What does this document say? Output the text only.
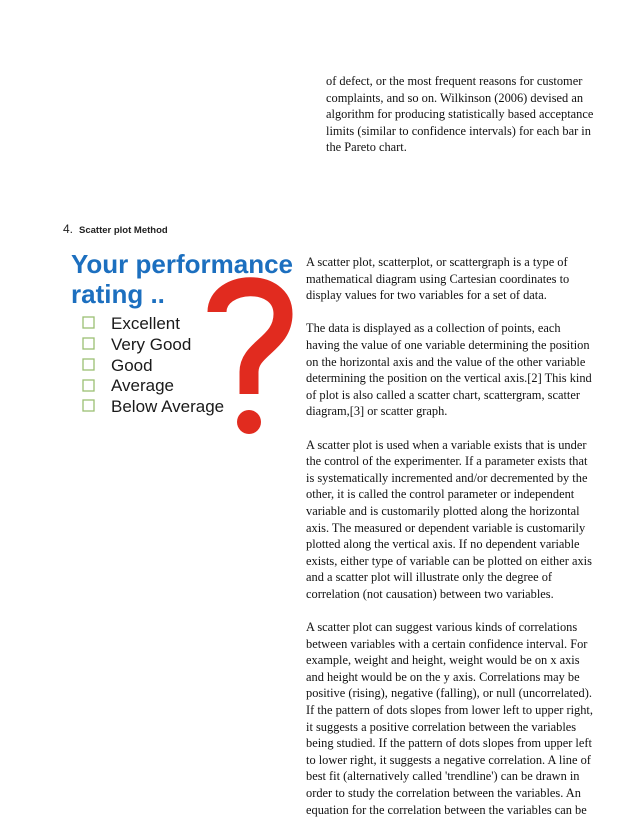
of defect, or the most frequent reasons for customer
complaints, and so on. Wilkinson (2006) devised an
algorithm for producing statistically based acceptance
limits (similar to confidence intervals) for each bar in
the Pareto chart.
4. Scatter plot Method
Your performance
rating ..
Excellent
Very Good
Good
Average
Below Average

A scatter plot, scatterplot, or scattergraph is a type of
mathematical diagram using Cartesian coordinates to
display values for two variables for a set of data.

The data is displayed as a collection of points, each
having the value of one variable determining the position
on the horizontal axis and the value of the other variable
determining the position on the vertical axis.[2] This kind
of plot is also called a scatter chart, scattergram, scatter
diagram,[3] or scatter graph.

A scatter plot is used when a variable exists that is under
the control of the experimenter. If a parameter exists that
is systematically incremented and/or decremented by the
other, it is called the control parameter or independent
variable and is customarily plotted along the horizontal
axis. The measured or dependent variable is customarily
plotted along the vertical axis. If no dependent variable
exists, either type of variable can be plotted on either axis
and a scatter plot will illustrate only the degree of
correlation (not causation) between two variables.

A scatter plot can suggest various kinds of correlations
between variables with a certain confidence interval. For
example, weight and height, weight would be on x axis
and height would be on the y axis. Correlations may be
positive (rising), negative (falling), or null (uncorrelated).
If the pattern of dots slopes from lower left to upper right,
it suggests a positive correlation between the variables
being studied. If the pattern of dots slopes from upper left
to lower right, it suggests a negative correlation. A line of
best fit (alternatively called 'trendline') can be drawn in
order to study the correlation between the variables. An
equation for the correlation between the variables can be
